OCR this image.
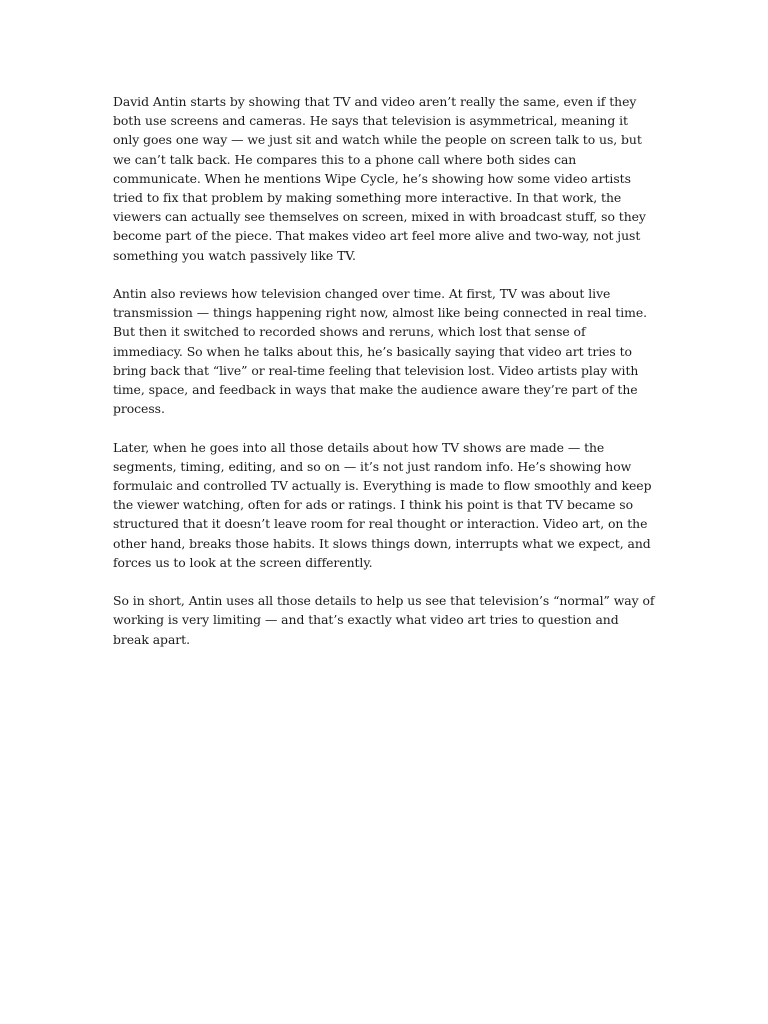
David Antin starts by showing that TV and video aren’t really the same, even if they both use screens and cameras. He says that television is asymmetrical, meaning it only goes one way — we just sit and watch while the people on screen talk to us, but we can’t talk back. He compares this to a phone call where both sides can communicate. When he mentions Wipe Cycle, he’s showing how some video artists tried to fix that problem by making something more interactive. In that work, the viewers can actually see themselves on screen, mixed in with broadcast stuff, so they become part of the piece. That makes video art feel more alive and two-way, not just something you watch passively like TV.

Antin also reviews how television changed over time. At first, TV was about live transmission — things happening right now, almost like being connected in real time. But then it switched to recorded shows and reruns, which lost that sense of immediacy. So when he talks about this, he’s basically saying that video art tries to bring back that “live” or real-time feeling that television lost. Video artists play with time, space, and feedback in ways that make the audience aware they’re part of the process.

Later, when he goes into all those details about how TV shows are made — the segments, timing, editing, and so on — it’s not just random info. He’s showing how formulaic and controlled TV actually is. Everything is made to flow smoothly and keep the viewer watching, often for ads or ratings. I think his point is that TV became so structured that it doesn’t leave room for real thought or interaction. Video art, on the other hand, breaks those habits. It slows things down, interrupts what we expect, and forces us to look at the screen differently.

So in short, Antin uses all those details to help us see that television’s “normal” way of working is very limiting — and that’s exactly what video art tries to question and break apart.
